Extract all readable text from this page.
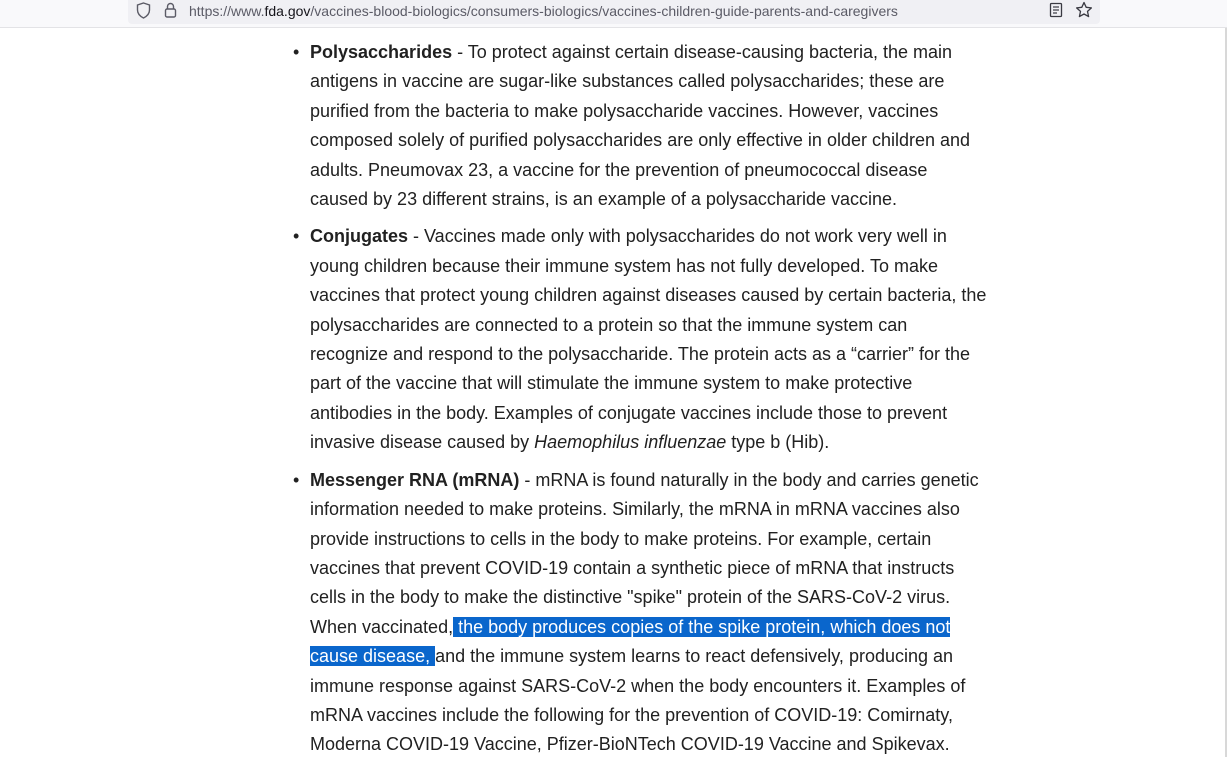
https://www.fda.gov/vaccines-blood-biologics/consumers-biologics/vaccines-children-guide-parents-and-caregivers
• Polysaccharides - To protect against certain disease-causing bacteria, the main antigens in vaccine are sugar-like substances called polysaccharides; these are purified from the bacteria to make polysaccharide vaccines. However, vaccines composed solely of purified polysaccharides are only effective in older children and adults. Pneumovax 23, a vaccine for the prevention of pneumococcal disease caused by 23 different strains, is an example of a polysaccharide vaccine.
• Conjugates - Vaccines made only with polysaccharides do not work very well in young children because their immune system has not fully developed. To make vaccines that protect young children against diseases caused by certain bacteria, the polysaccharides are connected to a protein so that the immune system can recognize and respond to the polysaccharide. The protein acts as a “carrier” for the part of the vaccine that will stimulate the immune system to make protective antibodies in the body. Examples of conjugate vaccines include those to prevent invasive disease caused by Haemophilus influenzae type b (Hib).
• Messenger RNA (mRNA) - mRNA is found naturally in the body and carries genetic information needed to make proteins. Similarly, the mRNA in mRNA vaccines also provide instructions to cells in the body to make proteins. For example, certain vaccines that prevent COVID-19 contain a synthetic piece of mRNA that instructs cells in the body to make the distinctive "spike" protein of the SARS-CoV-2 virus. When vaccinated, the body produces copies of the spike protein, which does not cause disease, and the immune system learns to react defensively, producing an immune response against SARS-CoV-2 when the body encounters it. Examples of mRNA vaccines include the following for the prevention of COVID-19: Comirnaty, Moderna COVID-19 Vaccine, Pfizer-BioNTech COVID-19 Vaccine and Spikevax.
